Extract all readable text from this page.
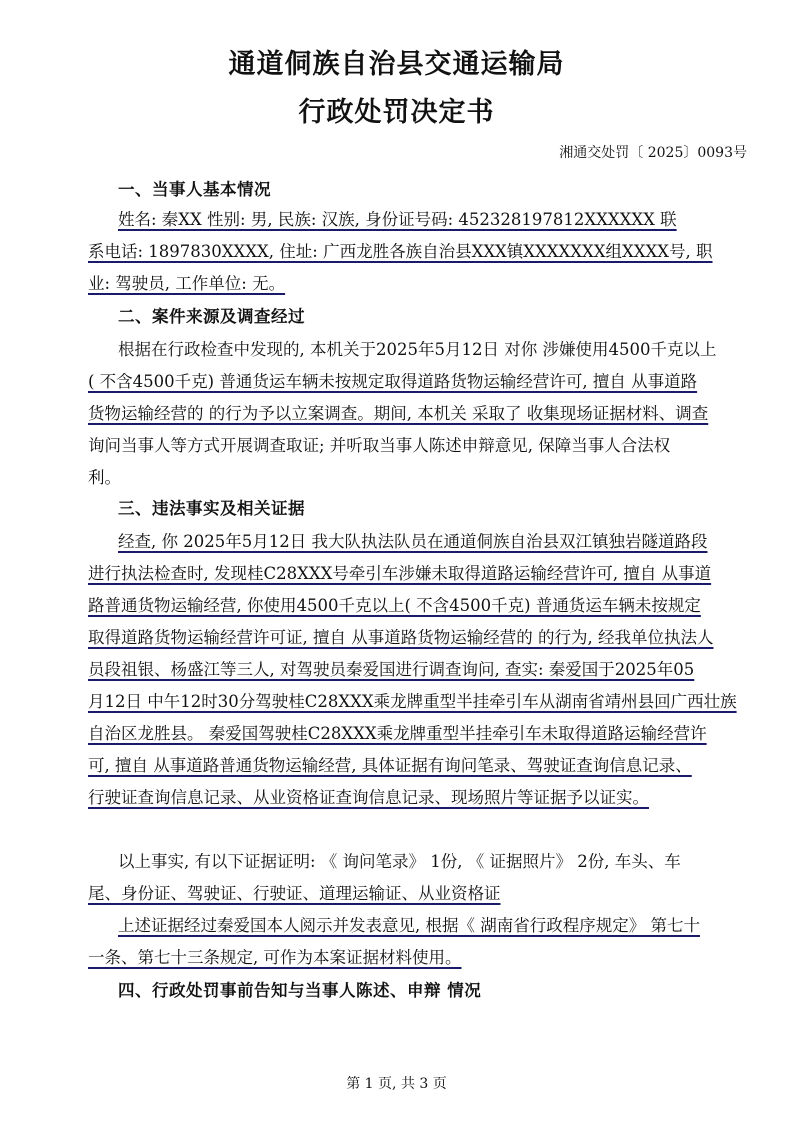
通道侗族自治县交通运输局
行政处罚决定书
湘通交处罚〔 2025〕0093号
一、当事人基本情况
姓名: 秦XX 性别: 男, 民族: 汉族, 身份证号码: 452328197812XXXXXX 联
系电话: 1897830XXXX, 住址: 广西龙胜各族自治县XXX镇XXXXXXX组XXXX号, 职
业: 驾驶员, 工作单位: 无。
二、案件来源及调查经过
根据在行政检查中发现的, 本机关于2025年5月12日 对你 涉嫌使用4500千克以上
( 不含4500千克) 普通货运车辆未按规定取得道路货物运输经营许可, 擅自 从事道路
货物运输经营的 的行为予以立案调查。期间, 本机关 采取了 收集现场证据材料、调查
询问当事人等方式开展调查取证; 并听取当事人陈述申辩意见, 保障当事人合法权
利。
三、违法事实及相关证据
经查, 你 2025年5月12日 我大队执法队员在通道侗族自治县双江镇独岩隧道路段
进行执法检查时, 发现桂C28XXX号牵引车涉嫌未取得道路运输经营许可, 擅自 从事道
路普通货物运输经营, 你使用4500千克以上( 不含4500千克) 普通货运车辆未按规定
取得道路货物运输经营许可证, 擅自 从事道路货物运输经营的 的行为, 经我单位执法人
员段祖银、杨盛江等三人, 对驾驶员秦爱国进行调查询问, 查实: 秦爱国于2025年05
月12日 中午12时30分驾驶桂C28XXX乘龙牌重型半挂牵引车从湖南省靖州县回广西壮族
自治区龙胜县。 秦爱国驾驶桂C28XXX乘龙牌重型半挂牵引车未取得道路运输经营许
可, 擅自 从事道路普通货物运输经营, 具体证据有询问笔录、驾驶证查询信息记录、
行驶证查询信息记录、从业资格证查询信息记录、现场照片等证据予以证实。
以上事实, 有以下证据证明: 《 询问笔录》 1份, 《 证据照片》 2份, 车头、车
尾、身份证、驾驶证、行驶证、道理运输证、从业资格证
上述证据经过秦爱国本人阅示并发表意见, 根据《 湖南省行政程序规定》 第七十
一条、第七十三条规定, 可作为本案证据材料使用。
四、行政处罚事前告知与当事人陈述、申辩 情况
第 1 页, 共 3 页
